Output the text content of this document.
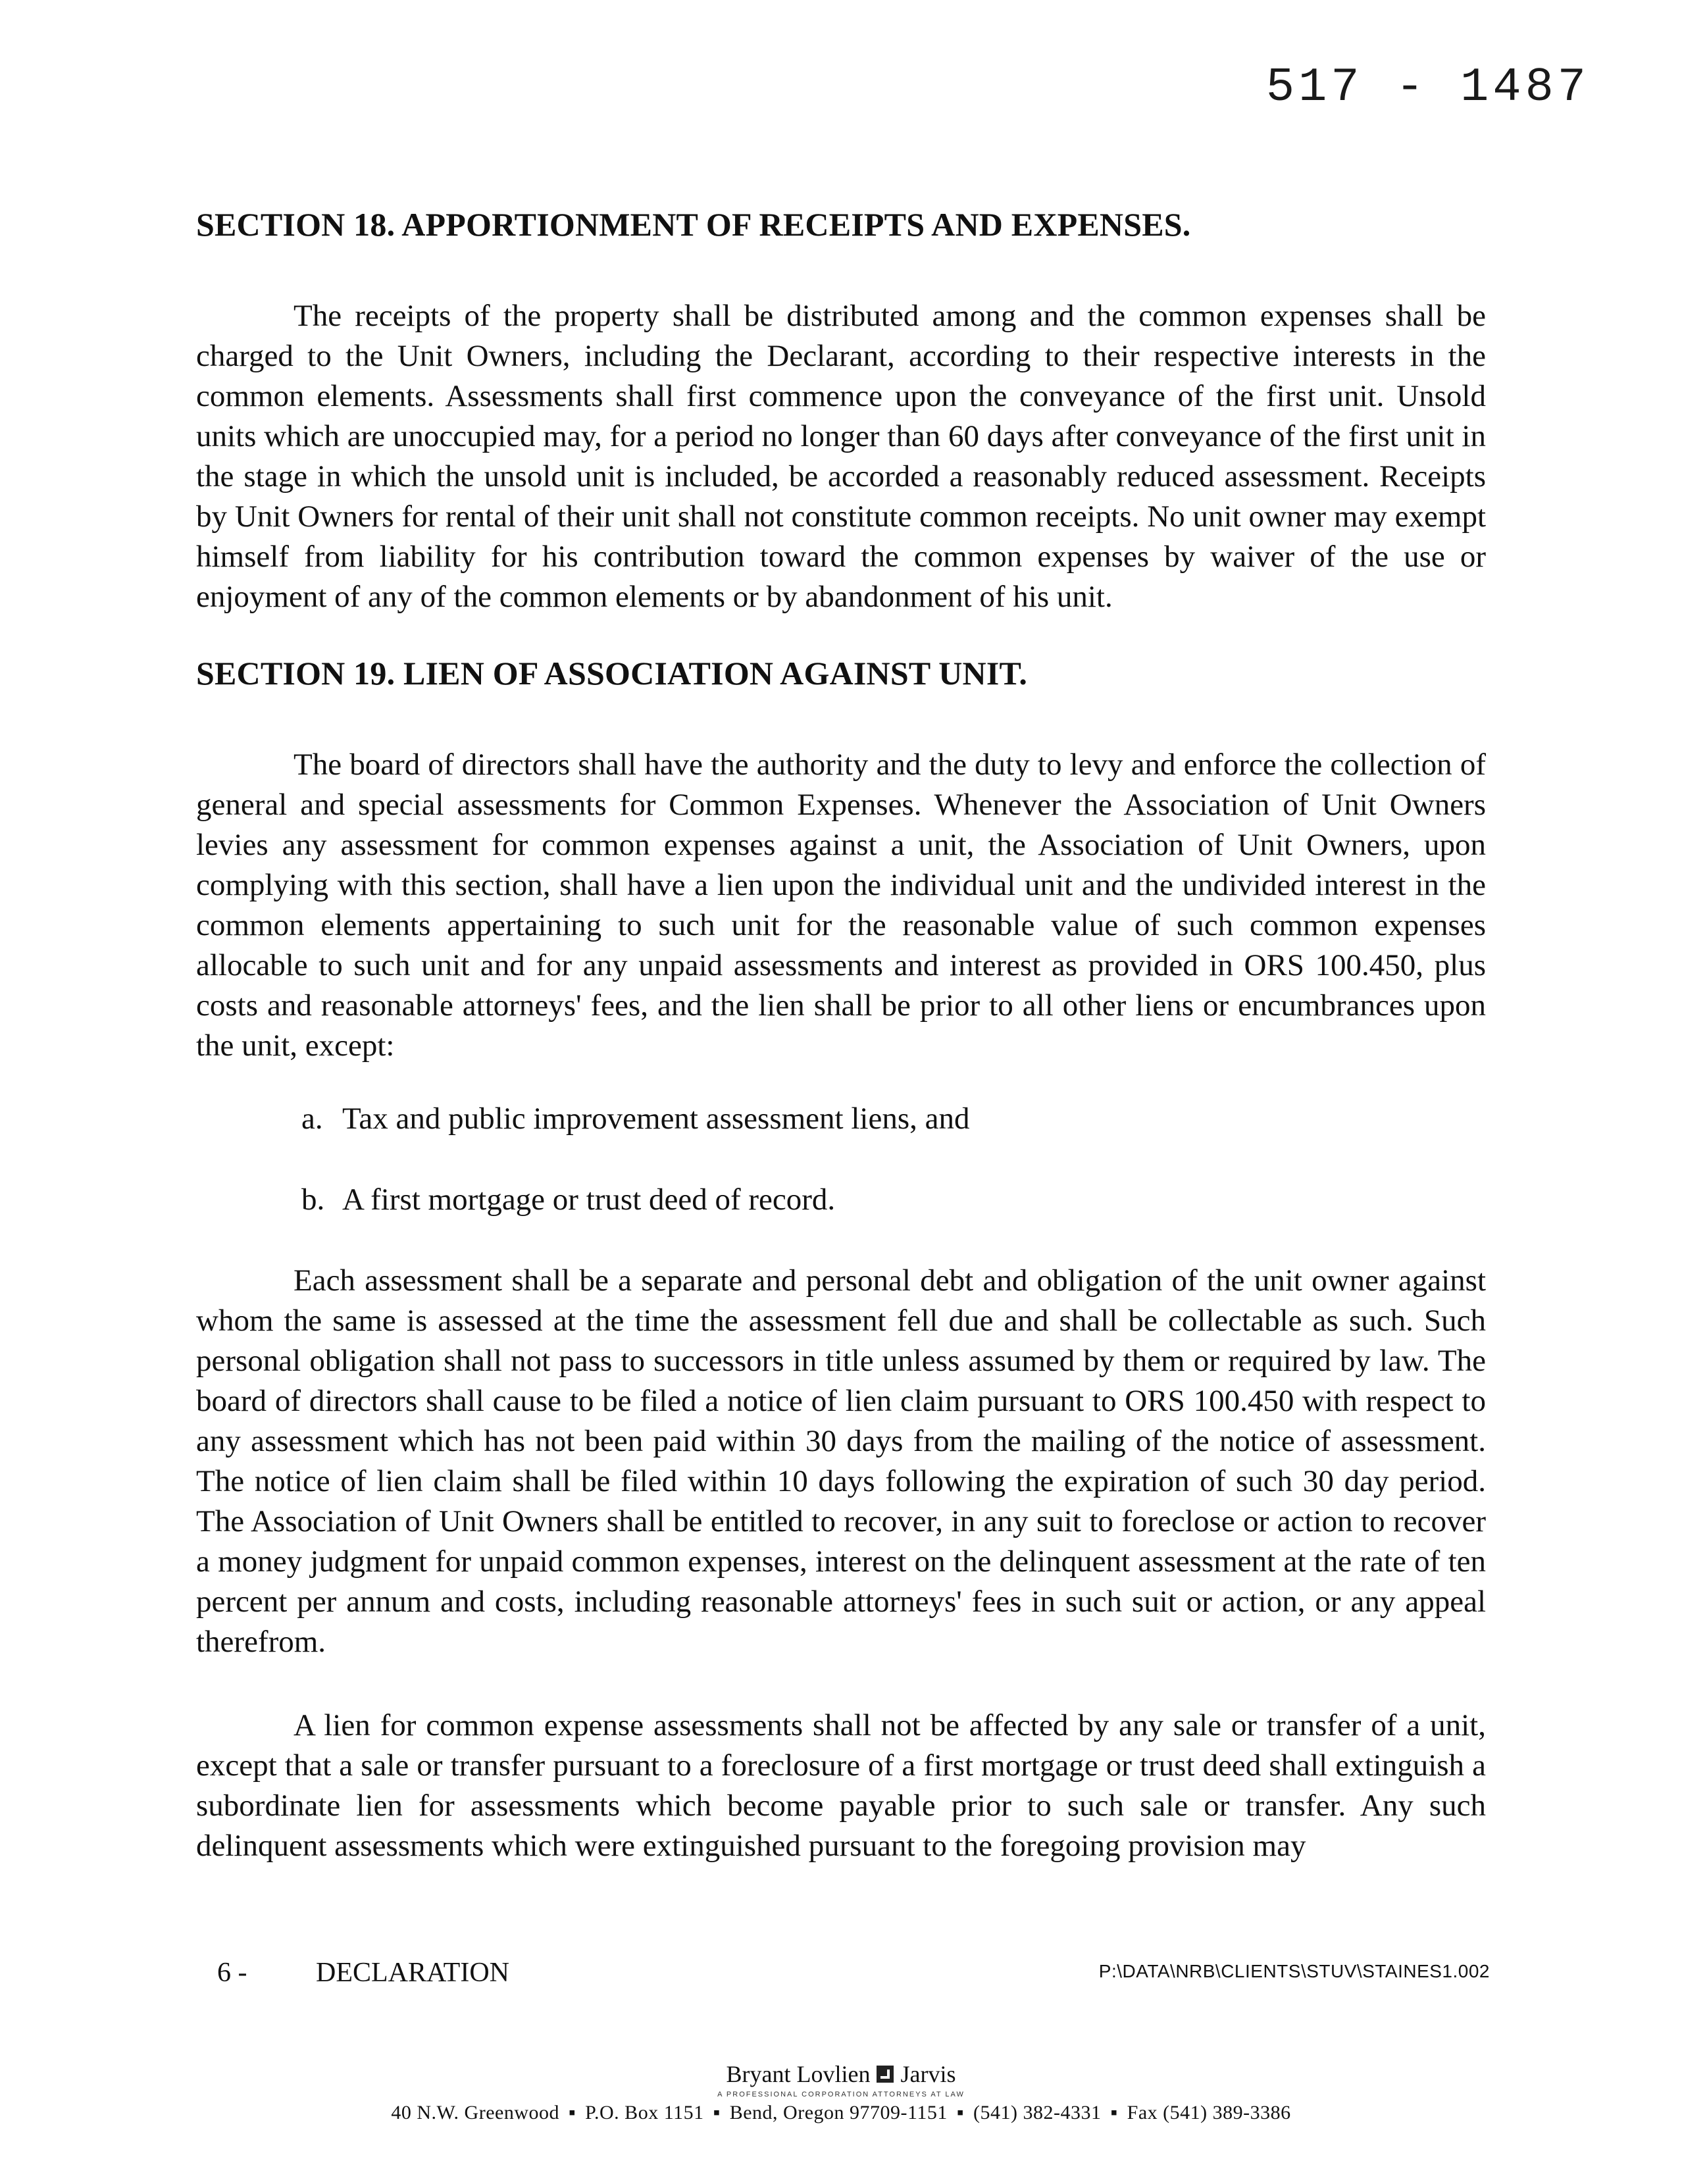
517 - 1487
SECTION 18. APPORTIONMENT OF RECEIPTS AND EXPENSES.

The receipts of the property shall be distributed among and the common expenses shall be charged to the Unit Owners, including the Declarant, according to their respective interests in the common elements. Assessments shall first commence upon the conveyance of the first unit. Unsold units which are unoccupied may, for a period no longer than 60 days after conveyance of the first unit in the stage in which the unsold unit is included, be accorded a reasonably reduced assessment. Receipts by Unit Owners for rental of their unit shall not constitute common receipts. No unit owner may exempt himself from liability for his contribution toward the common expenses by waiver of the use or enjoyment of any of the common elements or by abandonment of his unit.

SECTION 19. LIEN OF ASSOCIATION AGAINST UNIT.

The board of directors shall have the authority and the duty to levy and enforce the collection of general and special assessments for Common Expenses. Whenever the Association of Unit Owners levies any assessment for common expenses against a unit, the Association of Unit Owners, upon complying with this section, shall have a lien upon the individual unit and the undivided interest in the common elements appertaining to such unit for the reasonable value of such common expenses allocable to such unit and for any unpaid assessments and interest as provided in ORS 100.450, plus costs and reasonable attorneys' fees, and the lien shall be prior to all other liens or encumbrances upon the unit, except:

a. Tax and public improvement assessment liens, and
b. A first mortgage or trust deed of record.

Each assessment shall be a separate and personal debt and obligation of the unit owner against whom the same is assessed at the time the assessment fell due and shall be collectable as such. Such personal obligation shall not pass to successors in title unless assumed by them or required by law. The board of directors shall cause to be filed a notice of lien claim pursuant to ORS 100.450 with respect to any assessment which has not been paid within 30 days from the mailing of the notice of assessment. The notice of lien claim shall be filed within 10 days following the expiration of such 30 day period. The Association of Unit Owners shall be entitled to recover, in any suit to foreclose or action to recover a money judgment for unpaid common expenses, interest on the delinquent assessment at the rate of ten percent per annum and costs, including reasonable attorneys' fees in such suit or action, or any appeal therefrom.

A lien for common expense assessments shall not be affected by any sale or transfer of a unit, except that a sale or transfer pursuant to a foreclosure of a first mortgage or trust deed shall extinguish a subordinate lien for assessments which become payable prior to such sale or transfer. Any such delinquent assessments which were extinguished pursuant to the foregoing provision may

6 -	DECLARATION	P:\DATA\NRB\CLIENTS\STUV\STAINES1.002
Bryant Lovlien Jarvis
A PROFESSIONAL CORPORATION ATTORNEYS AT LAW
40 N.W. Greenwood ▪ P.O. Box 1151 ▪ Bend, Oregon 97709-1151 ▪ (541) 382-4331 ▪ Fax (541) 389-3386
